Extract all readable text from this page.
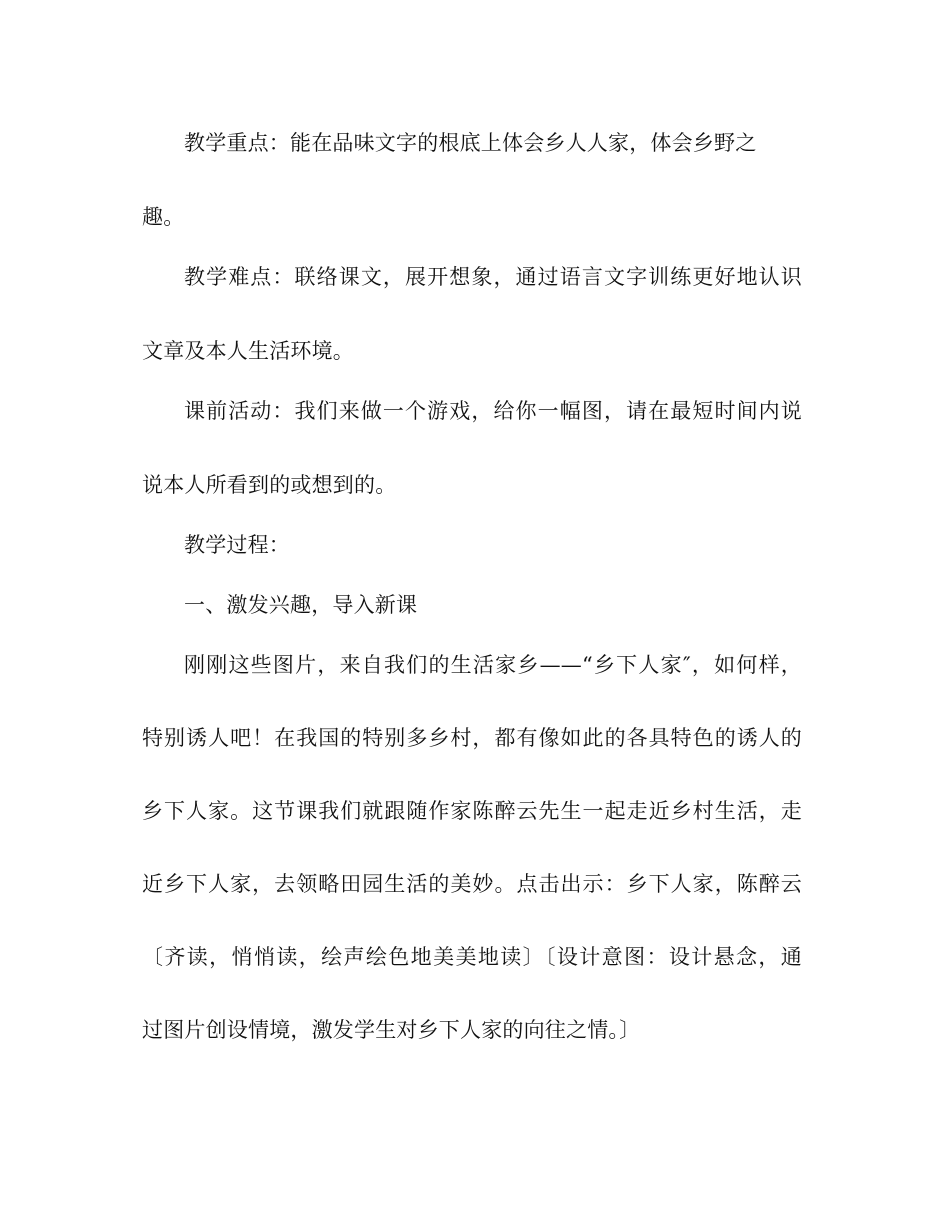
教学重点：能在品味文字的根底上体会乡人人家，体会乡野之
趣。
教学难点：联络课文，展开想象，通过语言文字训练更好地认识
文章及本人生活环境。
课前活动：我们来做一个游戏，给你一幅图，请在最短时间内说
说本人所看到的或想到的。
教学过程：
一、激发兴趣，导入新课
刚刚这些图片，来自我们的生活家乡——“乡下人家″，如何样，
特别诱人吧！在我国的特别多乡村，都有像如此的各具特色的诱人的
乡下人家。这节课我们就跟随作家陈醉云先生一起走近乡村生活，走
近乡下人家，去领略田园生活的美妙。点击出示：乡下人家，陈醉云
〔齐读，悄悄读，绘声绘色地美美地读〕〔设计意图：设计悬念，通
过图片创设情境，激发学生对乡下人家的向往之情。〕
